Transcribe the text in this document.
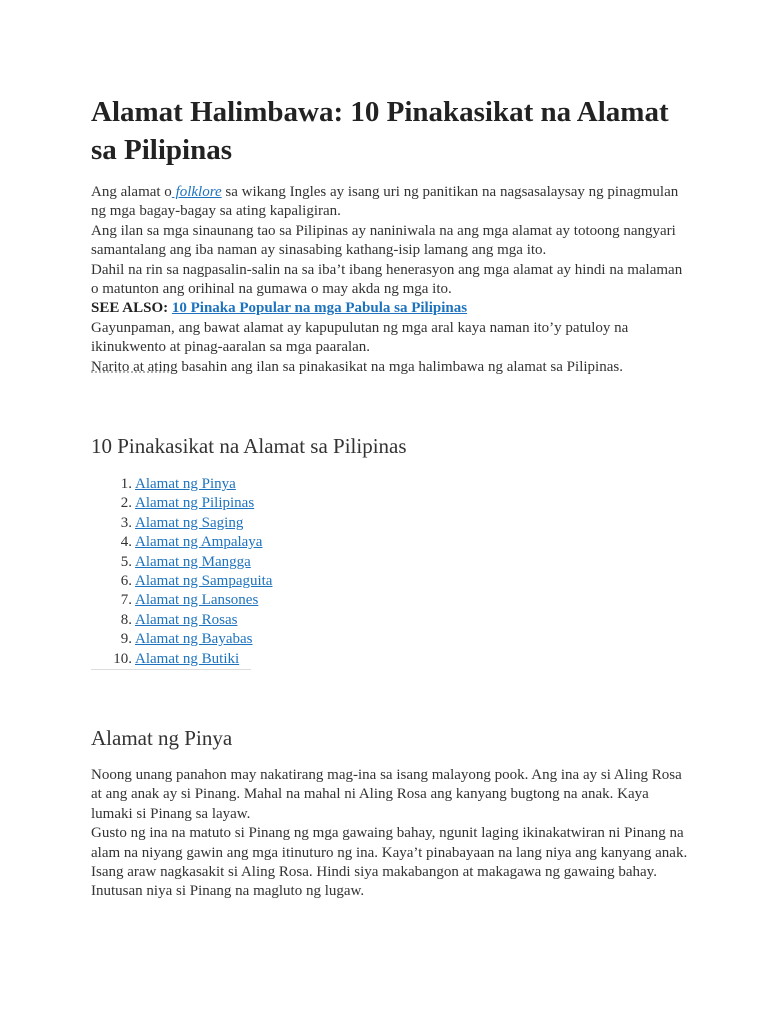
Alamat Halimbawa: 10 Pinakasikat na Alamat sa Pilipinas

Ang alamat o folklore sa wikang Ingles ay isang uri ng panitikan na nagsasalaysay ng pinagmulan ng mga bagay-bagay sa ating kapaligiran.

Ang ilan sa mga sinaunang tao sa Pilipinas ay naniniwala na ang mga alamat ay totoong nangyari samantalang ang iba naman ay sinasabing kathang-isip lamang ang mga ito.

Dahil na rin sa nagpasalin-salin na sa iba’t ibang henerasyon ang mga alamat ay hindi na malaman o matunton ang orihinal na gumawa o may akda ng mga ito.

SEE ALSO: 10 Pinaka Popular na mga Pabula sa Pilipinas

Gayunpaman, ang bawat alamat ay kapupulutan ng mga aral kaya naman ito’y patuloy na ikinukwento at pinag-aaralan sa mga paaralan.

Narito at ating basahin ang ilan sa pinakasikat na mga halimbawa ng alamat sa Pilipinas.

10 Pinakasikat na Alamat sa Pilipinas
1. Alamat ng Pinya
2. Alamat ng Pilipinas
3. Alamat ng Saging
4. Alamat ng Ampalaya
5. Alamat ng Mangga
6. Alamat ng Sampaguita
7. Alamat ng Lansones
8. Alamat ng Rosas
9. Alamat ng Bayabas
10. Alamat ng Butiki
Alamat ng Pinya

Noong unang panahon may nakatirang mag-ina sa isang malayong pook. Ang ina ay si Aling Rosa at ang anak ay si Pinang. Mahal na mahal ni Aling Rosa ang kanyang bugtong na anak. Kaya lumaki si Pinang sa layaw.

Gusto ng ina na matuto si Pinang ng mga gawaing bahay, ngunit laging ikinakatwiran ni Pinang na alam na niyang gawin ang mga itinuturo ng ina. Kaya’t pinabayaan na lang niya ang kanyang anak.

Isang araw nagkasakit si Aling Rosa. Hindi siya makabangon at makagawa ng gawaing bahay. Inutusan niya si Pinang na magluto ng lugaw.
